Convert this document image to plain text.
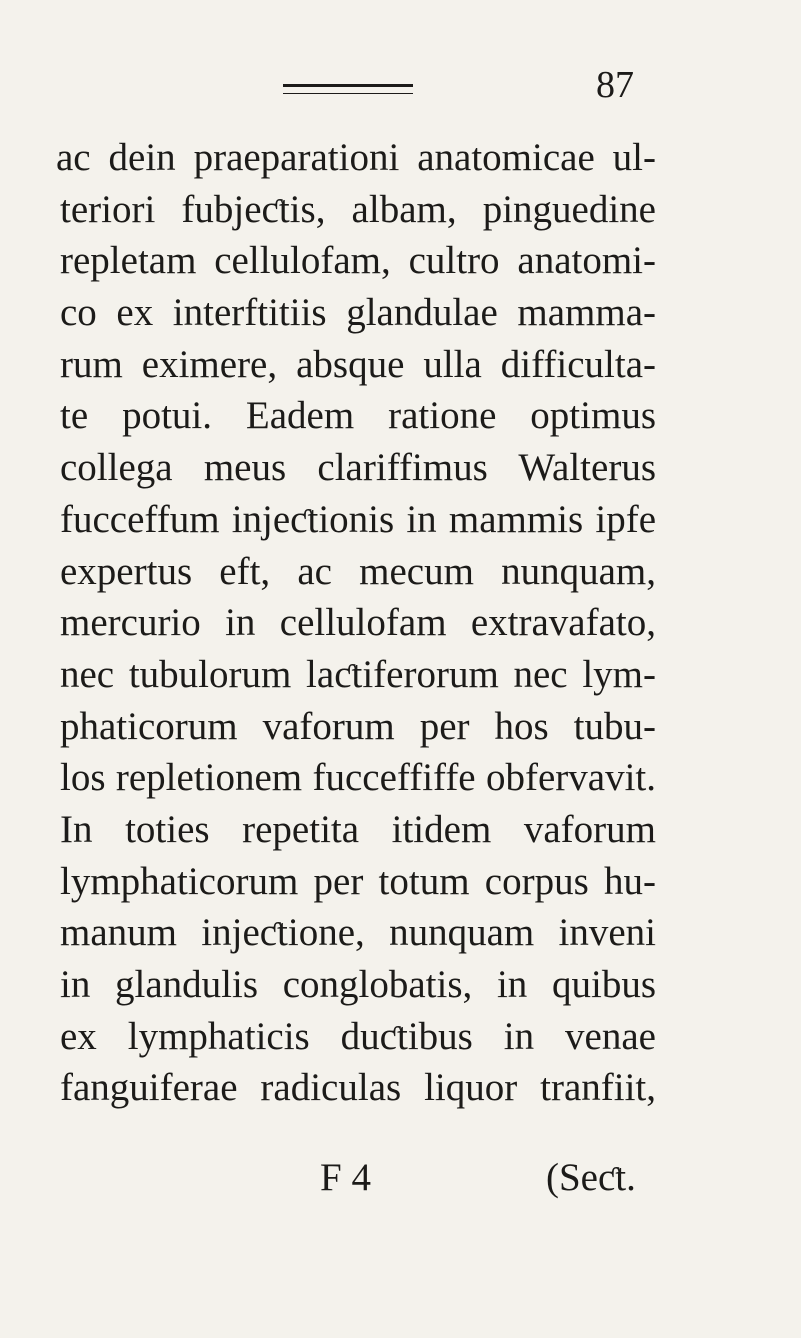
87
ac dein praeparationi anatomicae ul-
teriori fubjeƈtis, albam, pinguedine
repletam cellulofam, cultro anatomi-
co ex interftitiis glandulae mamma-
rum eximere, absque ulla difficulta-
te potui. Eadem ratione optimus
collega meus clariffimus Walterus
fucceffum injeƈtionis in mammis ipfe
expertus eft, ac mecum nunquam,
mercurio in cellulofam extravafato,
nec tubulorum laƈtiferorum nec lym-
phaticorum vaforum per hos tubu-
los repletionem fucceffiffe obfervavit.
In toties repetita itidem vaforum
lymphaticorum per totum corpus hu-
manum injeƈtione, nunquam inveni
in glandulis conglobatis, in quibus
ex lymphaticis duƈtibus in venae
fanguiferae radiculas liquor tranfiit,
F 4	(Seƈt.
